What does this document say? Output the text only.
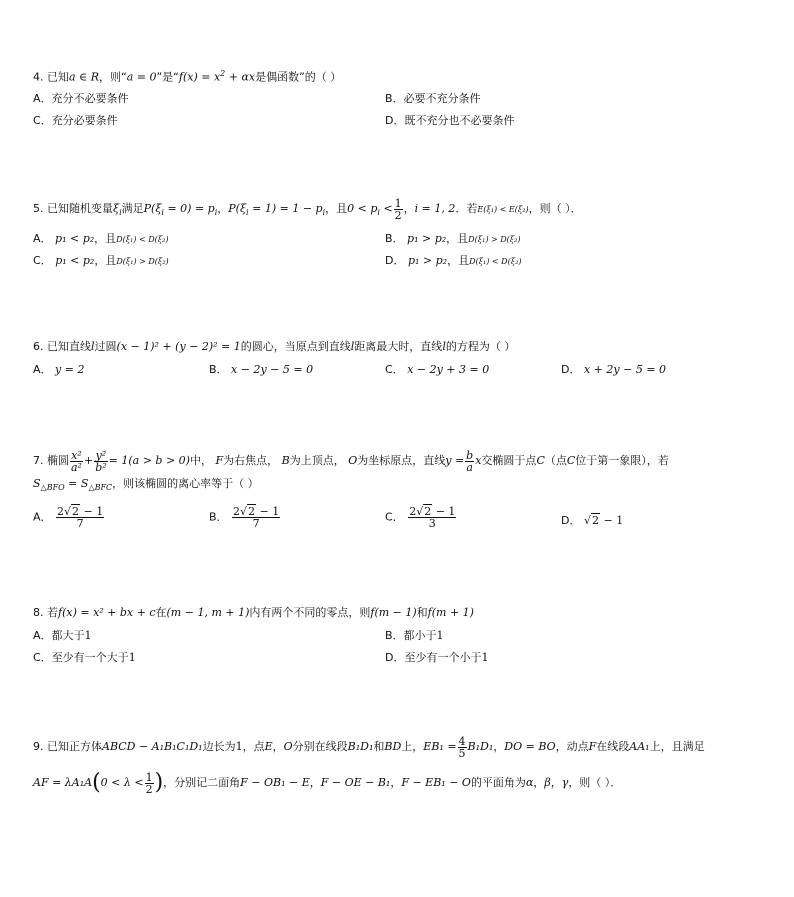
4. 已知a ∈ R，则“a = 0”是“$f(x) = x^2 + \alpha x$是偶函数”的（ ）
A．充分不必要条件	B．必要不充分条件
C．充分必要条件	D．既不充分也不必要条件
5. 已知随机变量$\xi_i$满足$P(\xi_i = 0) = p_i$，$P(\xi_i = 1) = 1 - p_i$，且$0 < p_i < \frac{1}{2}$ ，i = 1, 2．若E(ξ₁) < E(ξ₂)，则（ ）．
A． p₁ < p₂，且D(ξ₁) < D(ξ₂)	B． p₁ > p₂，且D(ξ₁) > D(ξ₂)
C． p₁ < p₂，且D(ξ₁) > D(ξ₂)	D． p₁ > p₂，且D(ξ₁) < D(ξ₂)
6. 已知直线l过圆(x − 1)² + (y − 2)² = 1的圆心，当原点到直线l距离最大时，直线l的方程为（ ）
A． y = 2	B． x − 2y − 5 = 0	C． x − 2y + 3 = 0	D． x + 2y − 5 = 0
7. 椭圆 $\frac{\text{x²}}{\text{a²}} + \frac{\text{y²}}{\text{b²}} = 1(a > b > 0)$中， F为右焦点， B为上顶点， O为坐标原点，直线$y = \frac{b}{a}$ x交椭圆于点C（点C位于第一象限），若
$S_{\triangle BFO} = S_{\triangle BFC}$，则该椭圆的离心率等于（ ）
A． $\frac{2√2 - 1}{7}$	B． $\frac{2√2 - 1}{7}$	C． $\frac{2√2 - 1}{3}$	D． √2 − 1
8. 若f(x) = x² + bx + c在(m − 1, m + 1)内有两个不同的零点，则f(m − 1)和f(m + 1)
A．都大于1	B．都小于1
C．至少有一个大于1	D．至少有一个小于1
9. 已知正方体ABCD − A₁B₁C₁D₁边长为1，点E，O分别在线段B₁D₁和BD上，$EB_1 = \frac{4}{5} B_1D_1$，DO = BO，动点F在线段AA₁上，且满足
AF = $\lambda A_1A(0 < \lambda < \frac{1}{2}$ )，分别记二面角F − OB₁ − E，F − OE − B₁，F − EB₁ − O的平面角为α，β，γ，则（ ）．
